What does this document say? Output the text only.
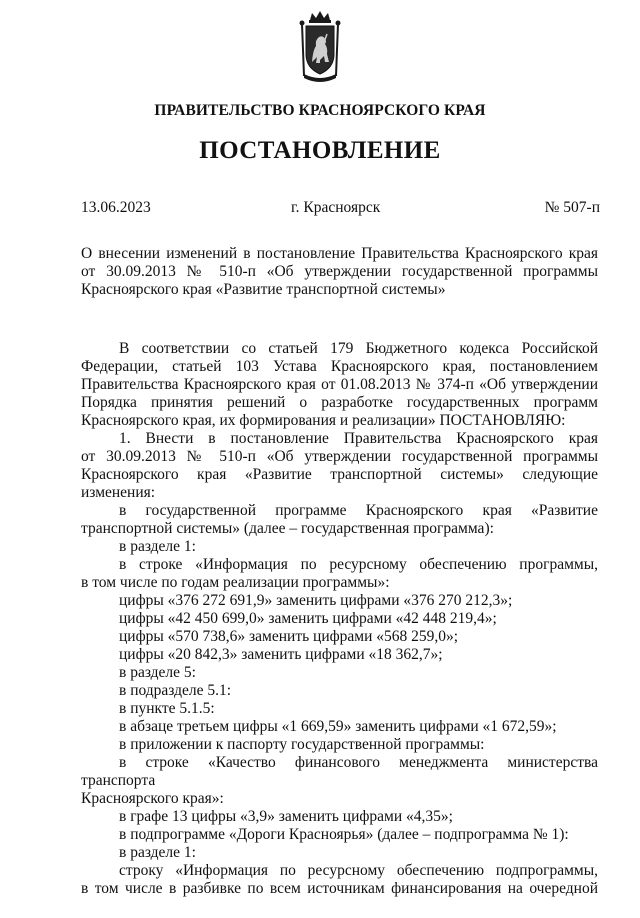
ПРАВИТЕЛЬСТВО КРАСНОЯРСКОГО КРАЯ
ПОСТАНОВЛЕНИЕ
13.06.2023	г. Красноярск	№ 507-п

О внесении изменений в постановление Правительства Красноярского края

от 30.09.2013 № 510-п «Об утверждении государственной программы

Красноярского края «Развитие транспортной системы»

В соответствии со статьей 179 Бюджетного кодекса Российской

Федерации, статьей 103 Устава Красноярского края, постановлением

Правительства Красноярского края от 01.08.2013 № 374-п «Об утверждении

Порядка принятия решений о разработке государственных программ

Красноярского края, их формирования и реализации» ПОСТАНОВЛЯЮ:

1. Внести в постановление Правительства Красноярского края

от 30.09.2013 № 510-п «Об утверждении государственной программы

Красноярского края «Развитие транспортной системы» следующие изменения:

в государственной программе Красноярского края «Развитие

транспортной системы» (далее – государственная программа):

в разделе 1:

в строке «Информация по ресурсному обеспечению программы,

в том числе по годам реализации программы»:

цифры «376 272 691,9» заменить цифрами «376 270 212,3»;

цифры «42 450 699,0» заменить цифрами «42 448 219,4»;

цифры «570 738,6» заменить цифрами «568 259,0»;

цифры «20 842,3» заменить цифрами «18 362,7»;

в разделе 5:

в подразделе 5.1:

в пункте 5.1.5:

в абзаце третьем цифры «1 669,59» заменить цифрами «1 672,59»;

в приложении к паспорту государственной программы:

в строке «Качество финансового менеджмента министерства транспорта

Красноярского края»:

в графе 13 цифры «3,9» заменить цифрами «4,35»;

в подпрограмме «Дороги Красноярья» (далее – подпрограмма № 1):

в разделе 1:

строку «Информация по ресурсному обеспечению подпрограммы,

в том числе в разбивке по всем источникам финансирования на очередной
